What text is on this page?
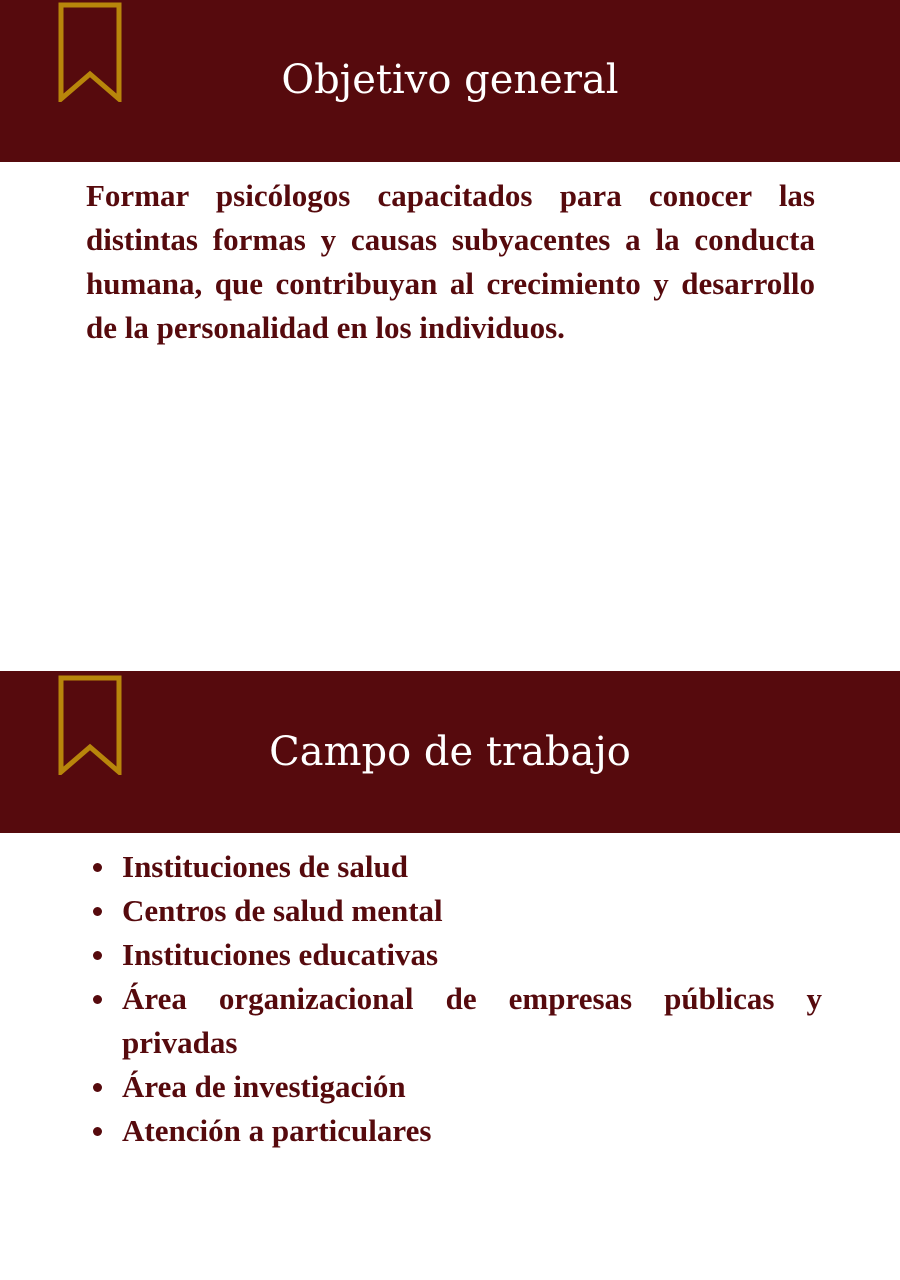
Objetivo general

Formar psicólogos capacitados para conocer las distintas formas y causas subyacentes a la conducta humana, que contribuyan al crecimiento y desarrollo de la personalidad en los individuos.

Campo de trabajo
Instituciones de salud
Centros de salud mental
Instituciones educativas
Área organizacional de empresas públicas y privadas
Área de investigación
Atención a particulares
